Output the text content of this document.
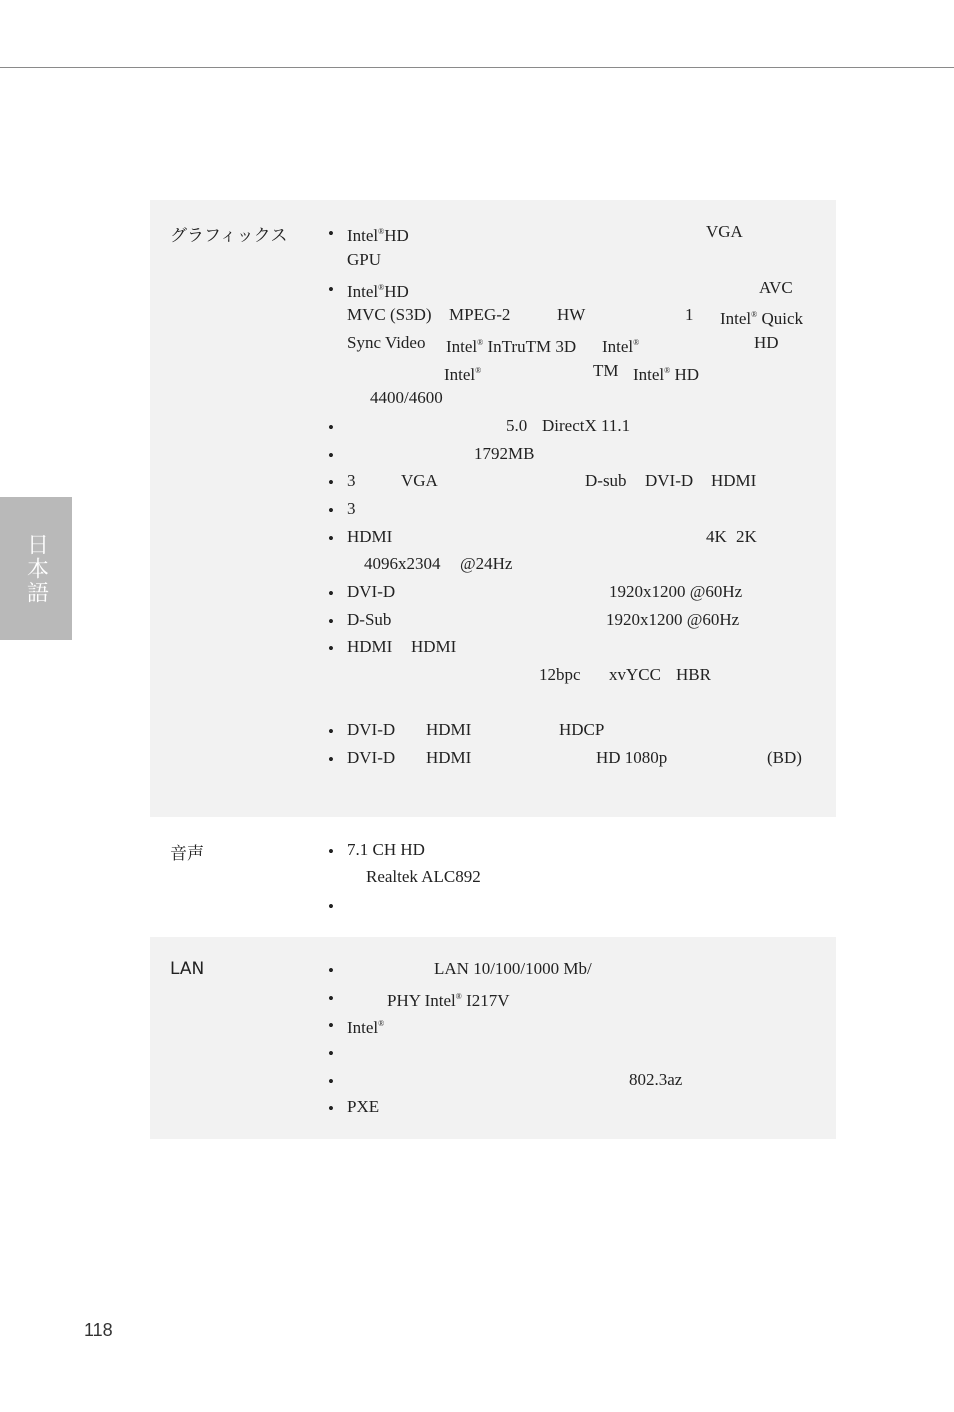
日本語
グラフィックス • Intel®HD	VGA
GPU
• Intel®HD	AVC
MVC (S3D) MPEG-2	HW	1 Intel® Quick
Sync Video Intel® InTruTM 3D Intel®	HD
Intel®	TM Intel® HD
4400/4600
•	5.0 DirectX 11.1
•	1792MB
• 3	VGA	D-sub DVI-D HDMI
• 3
• HDMI	4K 2K
4096x2304 @24Hz
• DVI-D	1920x1200 @60Hz
• D-Sub	1920x1200 @60Hz
• HDMI HDMI
12bpc xvYCC HBR
• DVI-D HDMI	HDCP
• DVI-D HDMI	HD 1080p	(BD)
音声	• 7.1 CH HD
Realtek ALC892
•
LAN	•	LAN 10/100/1000 Mb/
•	PHY Intel® I217V
• Intel®
•
•	802.3az
• PXE
118
